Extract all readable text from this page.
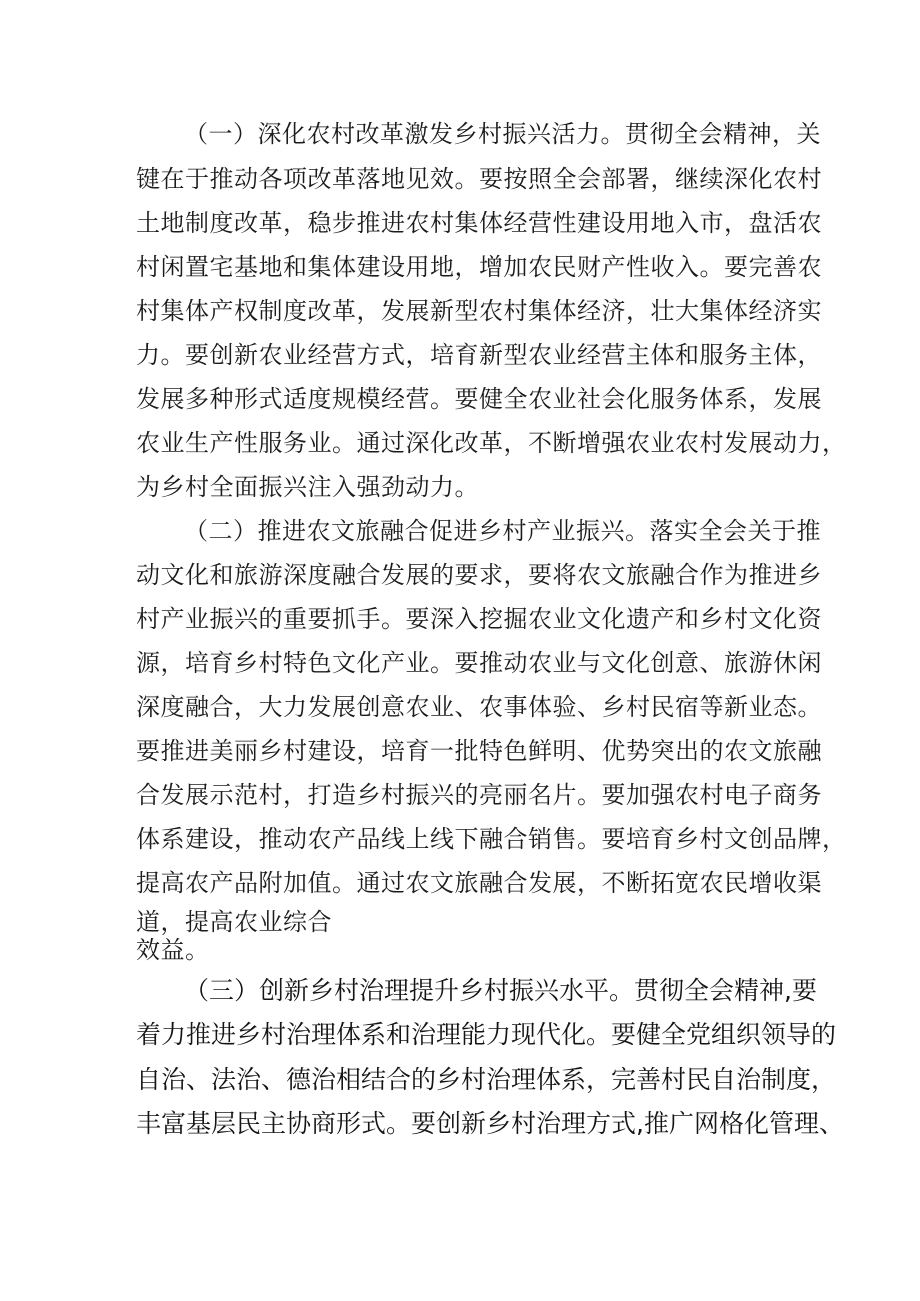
（一）深化农村改革激发乡村振兴活力。贯彻全会精神，关
键在于推动各项改革落地见效。要按照全会部署，继续深化农村
土地制度改革，稳步推进农村集体经营性建设用地入市，盘活农
村闲置宅基地和集体建设用地，增加农民财产性收入。要完善农
村集体产权制度改革，发展新型农村集体经济，壮大集体经济实
力。要创新农业经营方式，培育新型农业经营主体和服务主体，
发展多种形式适度规模经营。要健全农业社会化服务体系，发展
农业生产性服务业。通过深化改革，不断增强农业农村发展动力，
为乡村全面振兴注入强劲动力。
（二）推进农文旅融合促进乡村产业振兴。落实全会关于推
动文化和旅游深度融合发展的要求，要将农文旅融合作为推进乡
村产业振兴的重要抓手。要深入挖掘农业文化遗产和乡村文化资
源，培育乡村特色文化产业。要推动农业与文化创意、旅游休闲
深度融合，大力发展创意农业、农事体验、乡村民宿等新业态。
要推进美丽乡村建设，培育一批特色鲜明、优势突出的农文旅融
合发展示范村，打造乡村振兴的亮丽名片。要加强农村电子商务
体系建设，推动农产品线上线下融合销售。要培育乡村文创品牌，
提高农产品附加值。通过农文旅融合发展，不断拓宽农民增收渠
道，提高农业综合
效益。
（三）创新乡村治理提升乡村振兴水平。贯彻全会精神,要
着力推进乡村治理体系和治理能力现代化。要健全党组织领导的
自治、法治、德治相结合的乡村治理体系，完善村民自治制度，
丰富基层民主协商形式。要创新乡村治理方式,推广网格化管理、
